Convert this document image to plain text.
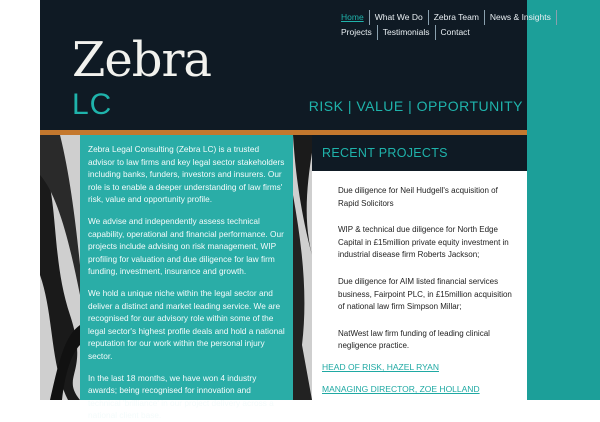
Home	What We Do	Zebra Team	News & Insights
Projects	Testimonials	Contact
Zebra
LC	RISK | VALUE | OPPORTUNITY

Zebra Legal Consulting (Zebra LC) is a trusted advisor to law firms and key legal sector stakeholders including banks, funders, investors and insurers. Our role is to enable a deeper understanding of law firms' risk, value and opportunity profile.

We advise and independently assess technical capability, operational and financial performance. Our projects include advising on risk management, WIP profiling for valuation and due diligence for law firm funding, investment, insurance and growth.

We hold a unique niche within the legal sector and deliver a distinct and market leading service. We are recognised for our advisory role within some of the legal sector's highest profile deals and hold a national reputation for our work within the personal injury sector.

In the last 18 months, we have won 4 industry awards; being recognised for innovation and technical 'brilliance' in our project delivery across a national client base.

RECENT PROJECTS
Due diligence for Neil Hudgell's acquisition of Rapid Solicitors
WIP & technical due diligence for North Edge Capital in £15million private equity investment in industrial disease firm Roberts Jackson;
Due diligence for AIM listed financial services business, Fairpoint PLC, in £15million acquisition of national law firm Simpson Millar;
NatWest law firm funding of leading clinical negligence practice.
HEAD OF RISK, HAZEL RYAN
MANAGING DIRECTOR, ZOE HOLLAND
